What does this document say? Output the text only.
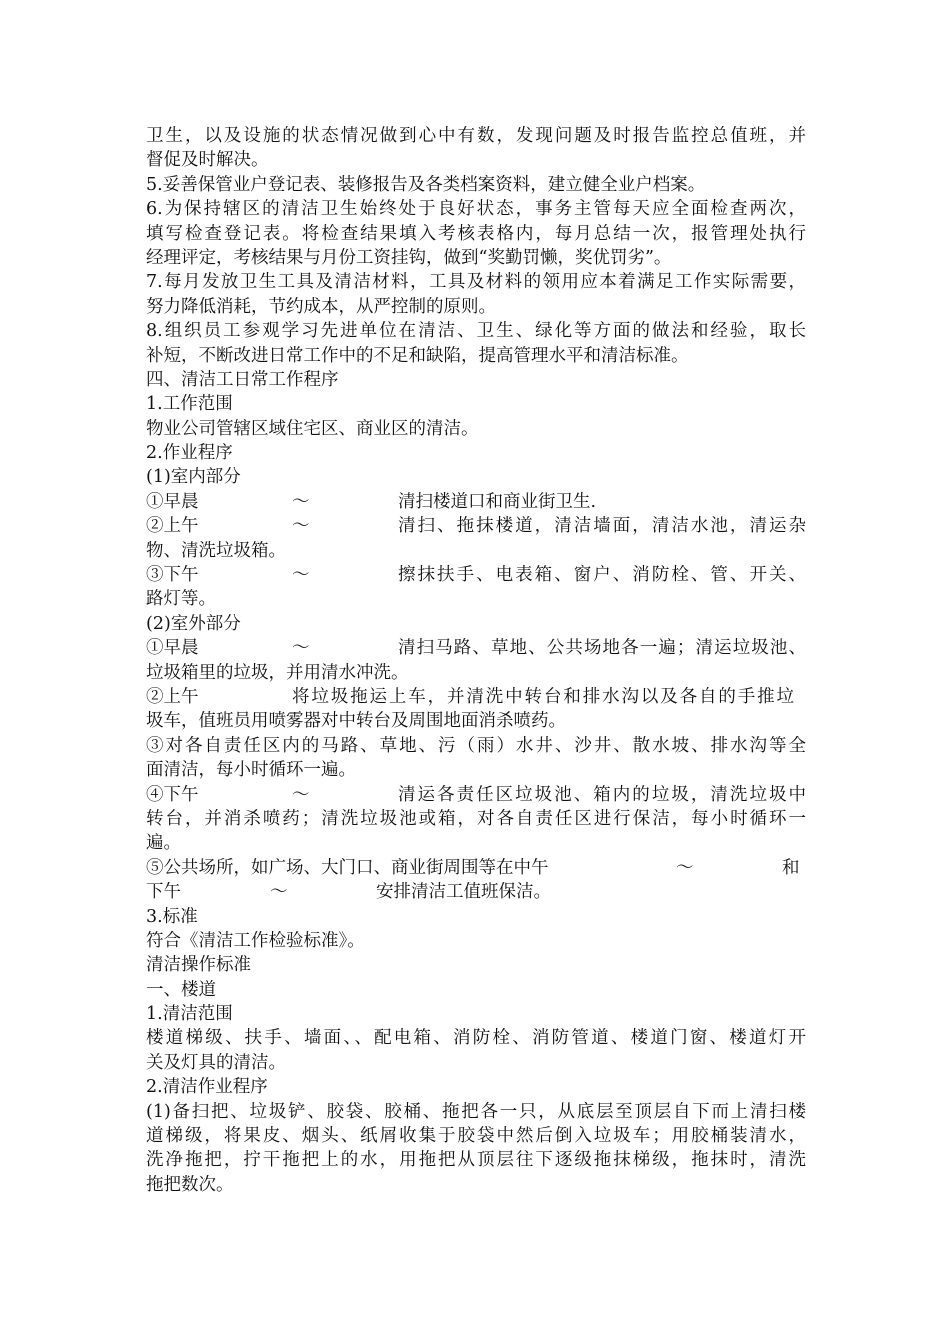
卫生，以及设施的状态情况做到心中有数，发现问题及时报告监控总值班，并
督促及时解决。
5.妥善保管业户登记表、装修报告及各类档案资料，建立健全业户档案。
6.为保持辖区的清洁卫生始终处于良好状态，事务主管每天应全面检查两次，
填写检查登记表。将检查结果填入考核表格内，每月总结一次，报管理处执行
经理评定，考核结果与月份工资挂钩，做到“奖勤罚懒，奖优罚劣”。
7.每月发放卫生工具及清洁材料，工具及材料的领用应本着满足工作实际需要，
努力降低消耗，节约成本，从严控制的原则。
8.组织员工参观学习先进单位在清洁、卫生、绿化等方面的做法和经验，取长
补短，不断改进日常工作中的不足和缺陷，提高管理水平和清洁标准。
四、清洁工日常工作程序
1.工作范围
物业公司管辖区域住宅区、商业区的清洁。
2.作业程序
(1)室内部分
①早晨	～	清扫楼道口和商业街卫生.
②上午	～	清扫、拖抹楼道，清洁墙面，清洁水池，清运杂
物、清洗垃圾箱。
③下午	～	擦抹扶手、电表箱、窗户、消防栓、管、开关、
路灯等。
(2)室外部分
①早晨	～	清扫马路、草地、公共场地各一遍；清运垃圾池、
垃圾箱里的垃圾，并用清水冲洗。
②上午	将垃圾拖运上车，并清洗中转台和排水沟以及各自的手推垃
圾车，值班员用喷雾器对中转台及周围地面消杀喷药。
③对各自责任区内的马路、草地、污（雨）水井、沙井、散水坡、排水沟等全
面清洁，每小时循环一遍。
④下午	～	清运各责任区垃圾池、箱内的垃圾，清洗垃圾中
转台，并消杀喷药；清洗垃圾池或箱，对各自责任区进行保洁，每小时循环一
遍。
⑤公共场所，如广场、大门口、商业街周围等在中午	～	和
下午	～	安排清洁工值班保洁。
3.标准
符合《清洁工作检验标准》。
清洁操作标准
一、楼道
1.清洁范围
楼道梯级、扶手、墙面、、配电箱、消防栓、消防管道、楼道门窗、楼道灯开
关及灯具的清洁。
2.清洁作业程序
(1)备扫把、垃圾铲、胶袋、胶桶、拖把各一只，从底层至顶层自下而上清扫楼
道梯级，将果皮、烟头、纸屑收集于胶袋中然后倒入垃圾车；用胶桶装清水，
洗净拖把，拧干拖把上的水，用拖把从顶层往下逐级拖抹梯级，拖抹时，清洗
拖把数次。
